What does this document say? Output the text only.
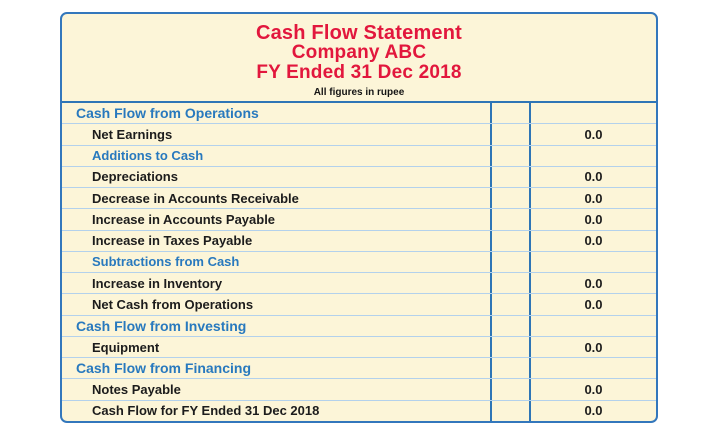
Cash Flow Statement
Company ABC
FY Ended 31 Dec 2018
All figures in rupee
Cash Flow from Operations
Net Earnings	0.0
Additions to Cash
Depreciations	0.0
Decrease in Accounts Receivable	0.0
Increase in Accounts Payable	0.0
Increase in Taxes Payable	0.0
Subtractions from Cash
Increase in Inventory	0.0
Net Cash from Operations	0.0
Cash Flow from Investing
Equipment	0.0
Cash Flow from Financing
Notes Payable	0.0
Cash Flow for FY Ended 31 Dec 2018	0.0
